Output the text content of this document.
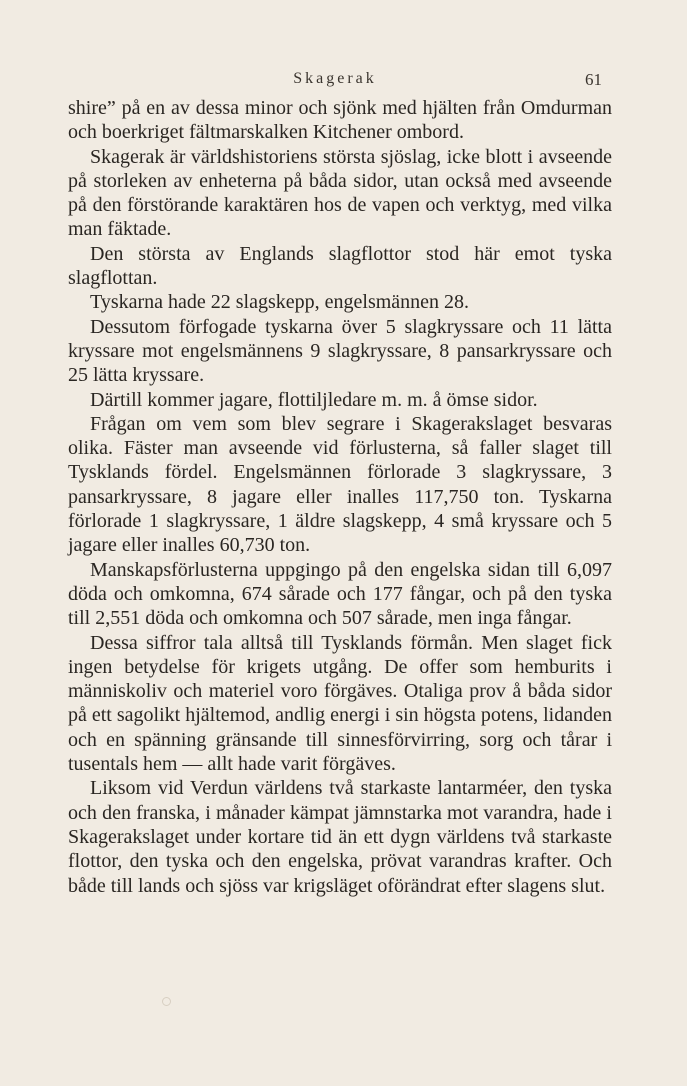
Skagerak	61

shire” på en av dessa minor och sjönk med hjälten från Omdurman och boerkriget fältmarskalken Kitchener ombord.

Skagerak är världshistoriens största sjöslag, icke blott i avseende på storleken av enheterna på båda sidor, utan också med avseende på den förstörande karaktären hos de vapen och verktyg, med vilka man fäktade.

Den största av Englands slagflottor stod här emot tyska slagflottan.

Tyskarna hade 22 slagskepp, engelsmännen 28.

Dessutom förfogade tyskarna över 5 slagkryssare och 11 lätta kryssare mot engelsmännens 9 slagkryssare, 8 pansarkryssare och 25 lätta kryssare.

Därtill kommer jagare, flottiljledare m. m. å ömse sidor.

Frågan om vem som blev segrare i Skagerakslaget besvaras olika. Fäster man avseende vid förlusterna, så faller slaget till Tysklands fördel. Engelsmännen förlorade 3 slagkryssare, 3 pansarkryssare, 8 jagare eller inalles 117,750 ton. Tyskarna förlorade 1 slagkryssare, 1 äldre slagskepp, 4 små kryssare och 5 jagare eller inalles 60,730 ton.

Manskapsförlusterna uppgingo på den engelska sidan till 6,097 döda och omkomna, 674 sårade och 177 fångar, och på den tyska till 2,551 döda och omkomna och 507 sårade, men inga fångar.

Dessa siffror tala alltså till Tysklands förmån. Men slaget fick ingen betydelse för krigets utgång. De offer som hemburits i människoliv och materiel voro förgäves. Otaliga prov å båda sidor på ett sagolikt hjältemod, andlig energi i sin högsta potens, lidanden och en spänning gränsande till sinnesförvirring, sorg och tårar i tusentals hem — allt hade varit förgäves.

Liksom vid Verdun världens två starkaste lantarméer, den tyska och den franska, i månader kämpat jämnstarka mot varandra, hade i Skagerakslaget under kortare tid än ett dygn världens två starkaste flottor, den tyska och den engelska, prövat varandras krafter. Och både till lands och sjöss var krigsläget oförändrat efter slagens slut.
